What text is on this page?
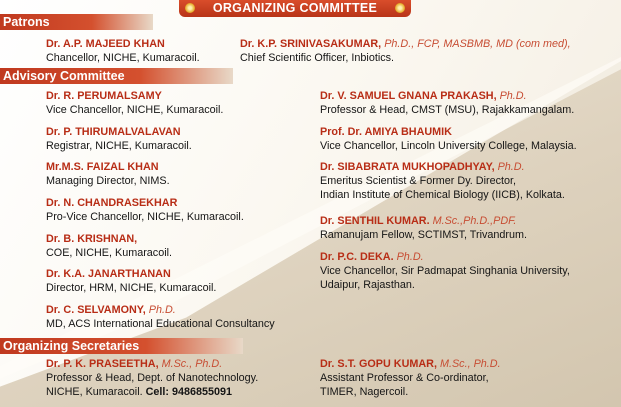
ORGANIZING COMMITTEE
Patrons
Advisory Committee
Organizing Secretaries
Dr. A.P. MAJEED KHAN
Chancellor, NICHE, Kumaracoil.
Dr. K.P. SRINIVASAKUMAR, Ph.D., FCP, MASBMB, MD (com med),
Chief Scientific Officer, Inbiotics.
Dr. R. PERUMALSAMY
Vice Chancellor, NICHE, Kumaracoil.
Dr. P. THIRUMALVALAVAN
Registrar, NICHE, Kumaracoil.
Mr.M.S. FAIZAL KHAN
Managing Director, NIMS.
Dr. N. CHANDRASEKHAR
Pro-Vice Chancellor, NICHE, Kumaracoil.
Dr. B. KRISHNAN,
COE, NICHE, Kumaracoil.
Dr. K.A. JANARTHANAN
Director, HRM, NICHE, Kumaracoil.
Dr. C. SELVAMONY, Ph.D.
MD, ACS International Educational Consultancy
Dr. V. SAMUEL GNANA PRAKASH, Ph.D.
Professor & Head, CMST (MSU), Rajakkamangalam.
Prof. Dr. AMIYA BHAUMIK
Vice Chancellor, Lincoln University College, Malaysia.
Dr. SIBABRATA MUKHOPADHYAY, Ph.D.
Emeritus Scientist & Former Dy. Director,
Indian Institute of Chemical Biology (IICB), Kolkata.
Dr. SENTHIL KUMAR. M.Sc.,Ph.D.,PDF.
Ramanujam Fellow, SCTIMST, Trivandrum.
Dr. P.C. DEKA. Ph.D.
Vice Chancellor, Sir Padmapat Singhania University,
Udaipur, Rajasthan.
Dr. P. K. PRASEETHA, M.Sc., Ph.D.
Professor & Head, Dept. of Nanotechnology.
NICHE, Kumaracoil. Cell: 9486855091
Dr. S.T. GOPU KUMAR, M.Sc., Ph.D.
Assistant Professor & Co-ordinator,
TIMER, Nagercoil.
